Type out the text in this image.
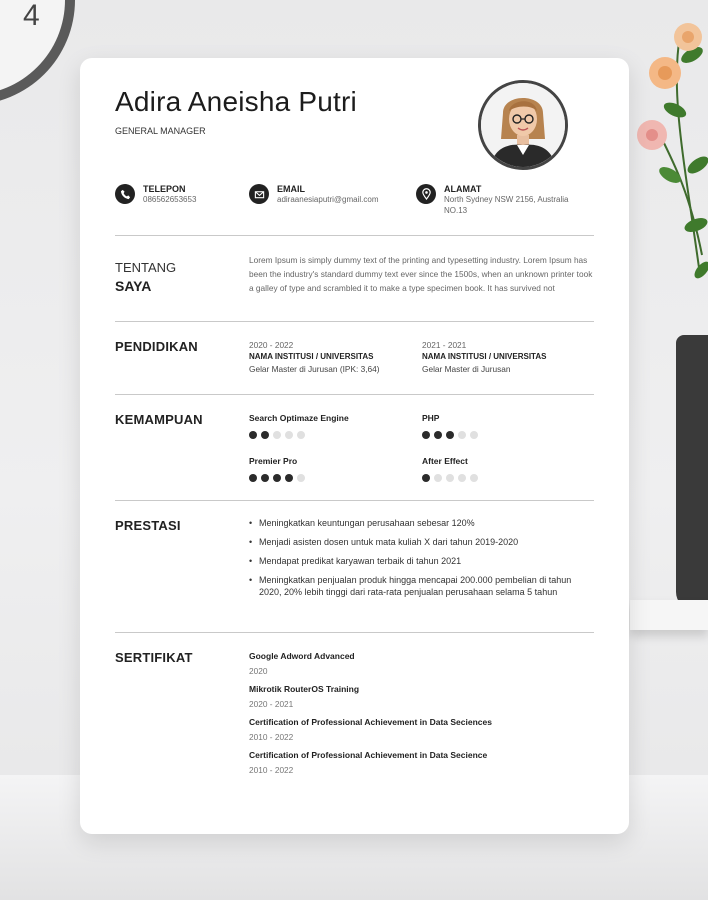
4
Adira Aneisha Putri
GENERAL MANAGER
TELEPON
086562653653
EMAIL
adiraanesiaputri@gmail.com
ALAMAT
North Sydney NSW 2156, Australia
NO.13
TENTANG
SAYA
Lorem Ipsum is simply dummy text of the printing and typesetting industry. Lorem Ipsum has been the industry's standard dummy text ever since the 1500s, when an unknown printer took a galley of type and scrambled it to make a type specimen book. It has survived not
PENDIDIKAN	2020 - 2022
NAMA INSTITUSI / UNIVERSITAS
Gelar Master di Jurusan (IPK: 3,64)
2021 - 2021
NAMA INSTITUSI / UNIVERSITAS
Gelar Master di Jurusan
KEMAMPUAN	Search Optimaze Engine	PHP
Premier Pro	After Effect
PRESTASI	• Meningkatkan keuntungan perusahaan sebesar 120%
• Menjadi asisten dosen untuk mata kuliah X dari tahun 2019-2020
• Mendapat predikat karyawan terbaik di tahun 2021
• Meningkatkan penjualan produk hingga mencapai 200.000 pembelian di tahun 2020, 20% lebih tinggi dari rata-rata penjualan perusahaan selama 5 tahun
SERTIFIKAT	Google Adword Advanced
2020
Mikrotik RouterOS Training
2020 - 2021
Certification of Professional Achievement in Data Seciences
2010 - 2022
Certification of Professional Achievement in Data Secience
2010 - 2022
